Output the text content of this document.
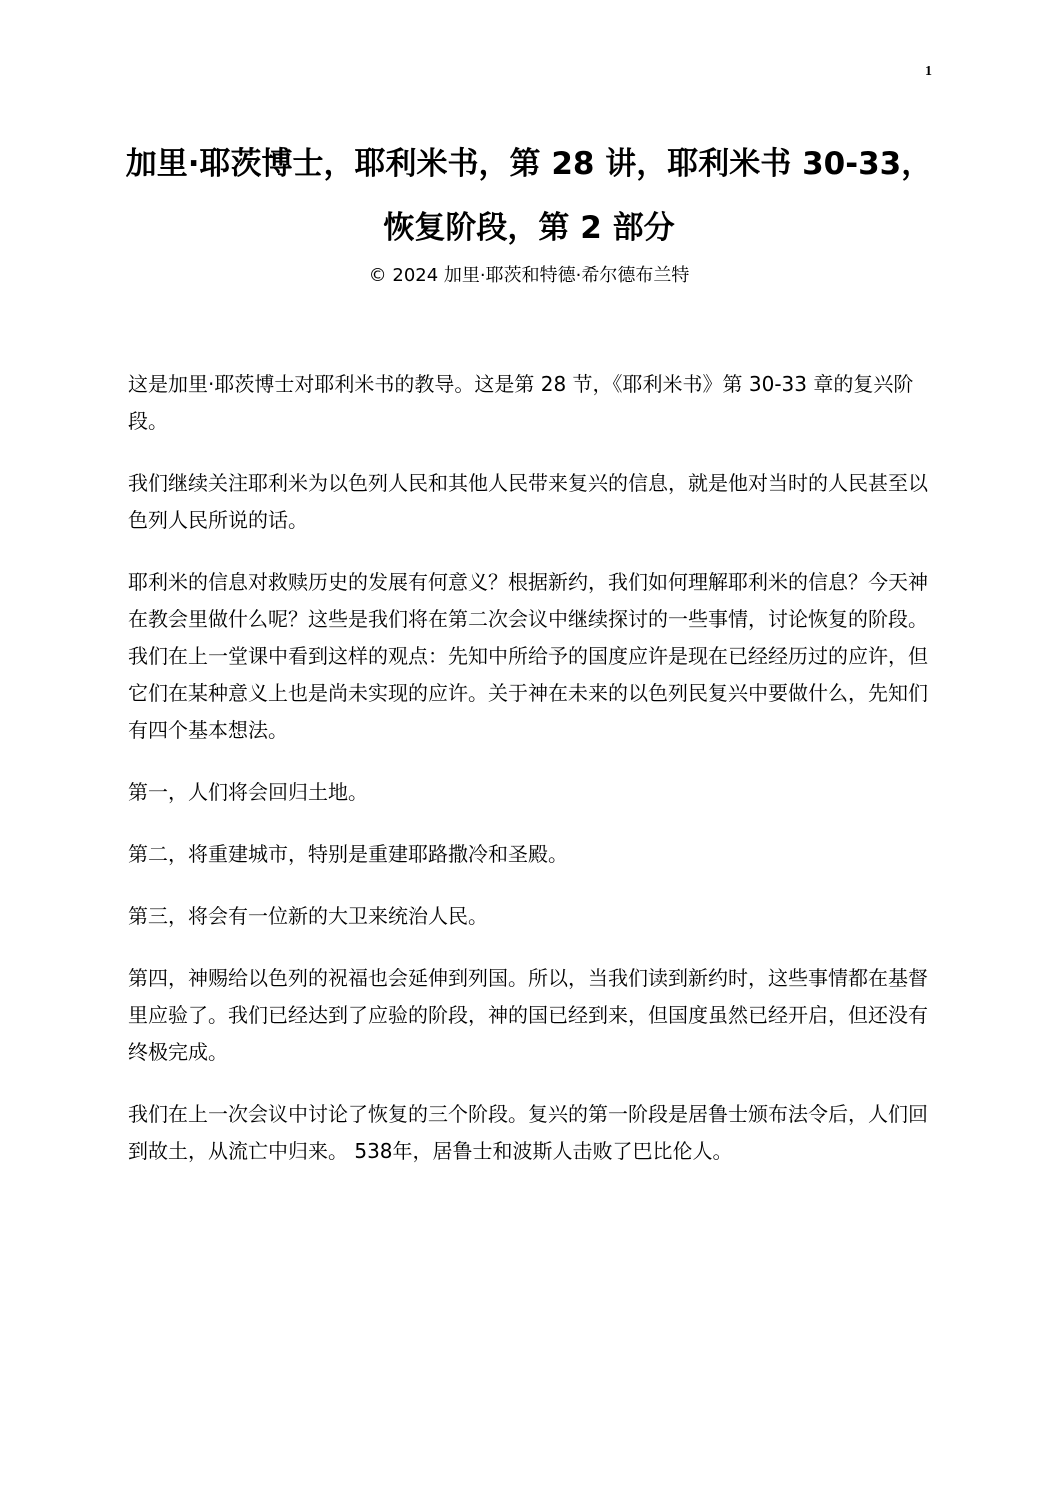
1
加里·耶茨博士，耶利米书，第 28 讲，耶利米书 30-33，
恢复阶段，第 2 部分
© 2024 加里·耶茨和特德·希尔德布兰特

这是加里·耶茨博士对耶利米书的教导。这是第 28 节，《耶利米书》第 30-33 章的复兴阶段。

我们继续关注耶利米为以色列人民和其他人民带来复兴的信息，就是他对当时的人民甚至以色列人民所说的话。

耶利米的信息对救赎历史的发展有何意义？根据新约，我们如何理解耶利米的信息？今天神在教会里做什么呢？这些是我们将在第二次会议中继续探讨的一些事情，讨论恢复的阶段。我们在上一堂课中看到这样的观点：先知中所给予的国度应许是现在已经经历过的应许，但它们在某种意义上也是尚未实现的应许。关于神在未来的以色列民复兴中要做什么，先知们有四个基本想法。

第一，人们将会回归土地。

第二，将重建城市，特别是重建耶路撒冷和圣殿。

第三，将会有一位新的大卫来统治人民。

第四，神赐给以色列的祝福也会延伸到列国。所以，当我们读到新约时，这些事情都在基督里应验了。我们已经达到了应验的阶段，神的国已经到来，但国度虽然已经开启，但还没有终极完成。

我们在上一次会议中讨论了恢复的三个阶段。复兴的第一阶段是居鲁士颁布法令后，人们回到故土，从流亡中归来。 538年，居鲁士和波斯人击败了巴比伦人。
